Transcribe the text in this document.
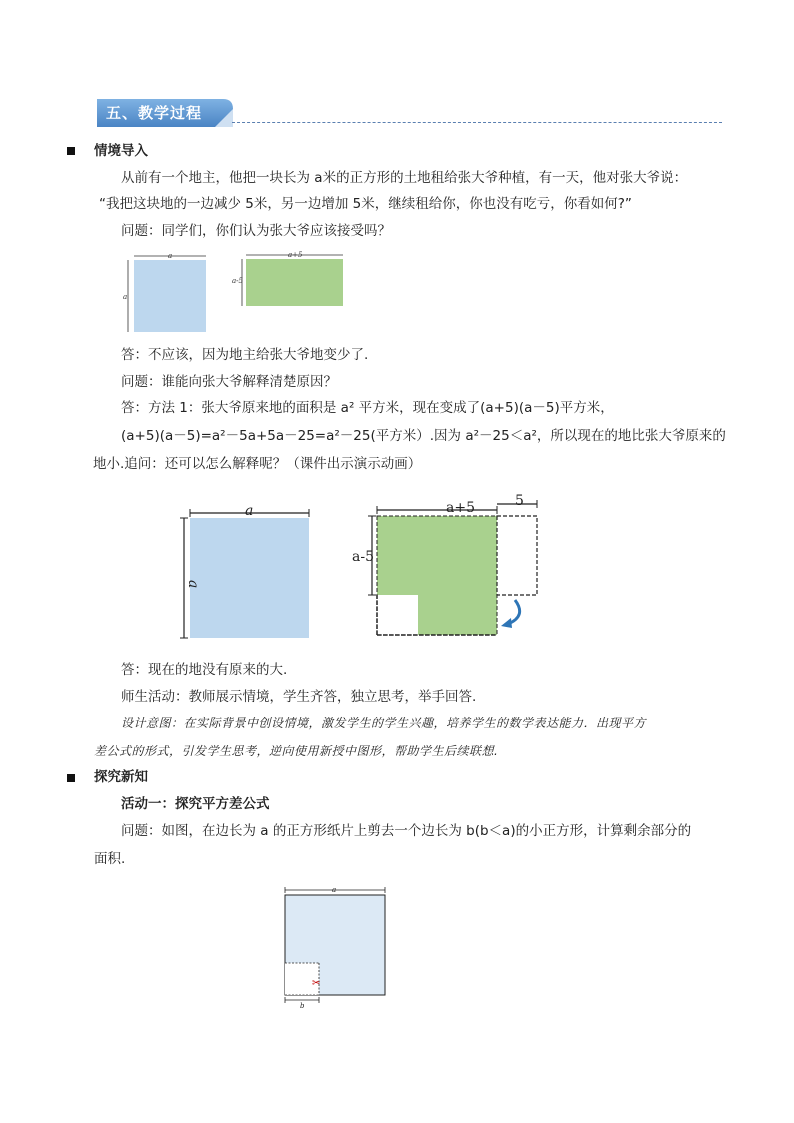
五、教学过程
情境导入
从前有一个地主，他把一块长为 a米的正方形的土地租给张大爷种植，有一天，他对张大爷说：
“我把这块地的一边减少 5米，另一边增加 5米，继续租给你，你也没有吃亏，你看如何?”
问题：同学们，你们认为张大爷应该接受吗？
a
a
a+5
a-5
答：不应该，因为地主给张大爷地变少了.
问题：谁能向张大爷解释清楚原因？
答：方法 1：张大爷原来地的面积是 a² 平方米，现在变成了(a+5)(a－5)平方米，
(a+5)(a－5)=a²－5a+5a－25=a²－25(平方米）.因为 a²－25＜a²，所以现在的地比张大爷原来的
地小.追问：还可以怎么解释呢？（课件出示演示动画）
a
a
a+5	5
a-5
答：现在的地没有原来的大.
师生活动：教师展示情境，学生齐答，独立思考，举手回答.
设计意图：在实际背景中创设情境，激发学生的学生兴趣，培养学生的数学表达能力．出现平方
差公式的形式，引发学生思考，逆向使用新授中图形，帮助学生后续联想.
探究新知
活动一：探究平方差公式
问题：如图，在边长为 a 的正方形纸片上剪去一个边长为 b(b＜a)的小正方形，计算剩余部分的
面积.
a
b
✂
